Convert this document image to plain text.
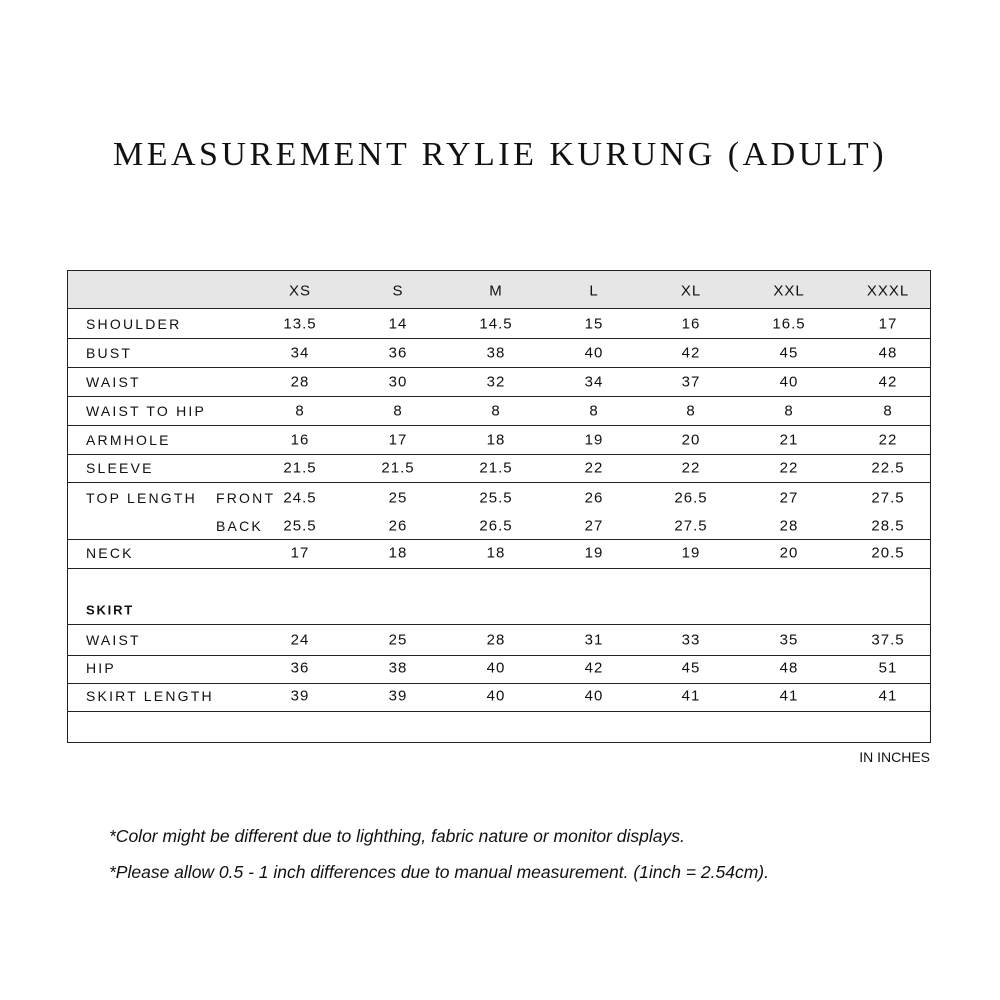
MEASUREMENT RYLIE KURUNG (ADULT)
XS	S	M	L	XL	XXL	XXXL
SHOULDER	13.5	14	14.5	15	16	16.5	17
BUST	34	36	38	40	42	45	48
WAIST	28	30	32	34	37	40	42
WAIST TO HIP	8	8	8	8	8	8	8
ARMHOLE	16	17	18	19	20	21	22
SLEEVE	21.5	21.5	21.5	22	22	22	22.5
TOP LENGTH FRONT 24.5	25	25.5	26	26.5	27	27.5
BACK 25.5	26	26.5	27	27.5	28	28.5
NECK	17	18	18	19	19	20	20.5
SKIRT
WAIST	24	25	28	31	33	35	37.5
HIP	36	38	40	42	45	48	51
SKIRT LENGTH	39	39	40	40	41	41	41
IN INCHES
*Color might be different due to lighthing, fabric nature or monitor displays.
*Please allow 0.5 - 1 inch differences due to manual measurement. (1inch = 2.54cm).
